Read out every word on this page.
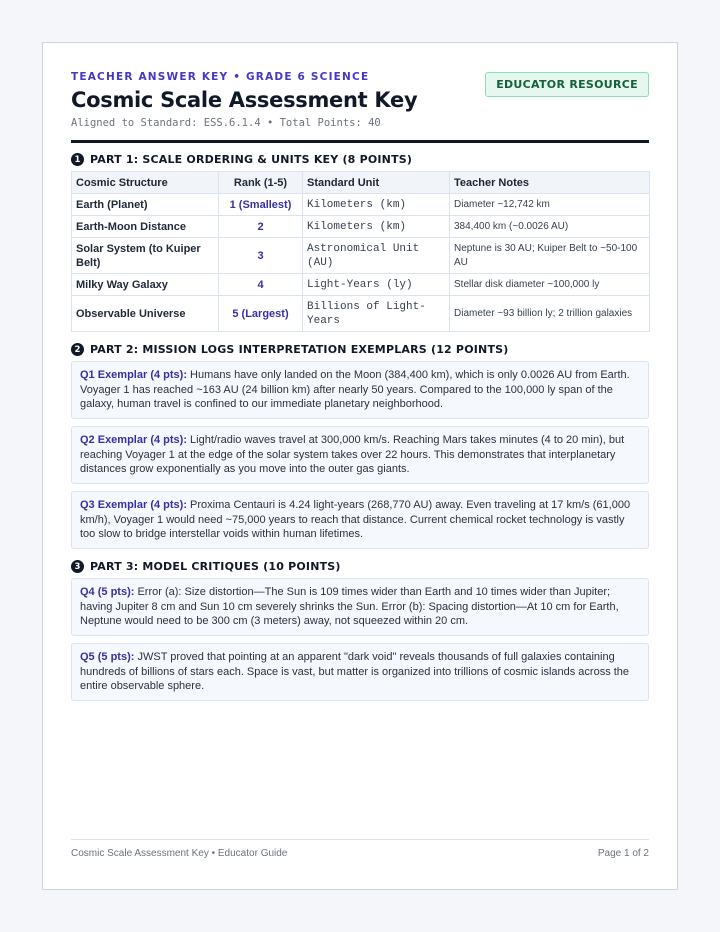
TEACHER ANSWER KEY • GRADE 6 SCIENCE
Cosmic Scale Assessment Key
Aligned to Standard: ESS.6.1.4 • Total Points: 40
EDUCATOR RESOURCE
1 PART 1: SCALE ORDERING & UNITS KEY (8 POINTS)
Cosmic Structure	Rank (1-5)	Standard Unit	Teacher Notes
Earth (Planet)	1 (Smallest)	Kilometers (km)	Diameter ~12,742 km
Earth-Moon Distance	2	Kilometers (km)	384,400 km (~0.0026 AU)
Solar System (to Kuiper Belt)	3	Astronomical Unit (AU)	Neptune is 30 AU; Kuiper Belt to ~50-100 AU
Milky Way Galaxy	4	Light-Years (ly)	Stellar disk diameter ~100,000 ly
Observable Universe	5 (Largest)	Billions of Light-Years	Diameter ~93 billion ly; 2 trillion galaxies
2 PART 2: MISSION LOGS INTERPRETATION EXEMPLARS (12 POINTS)
Q1 Exemplar (4 pts): Humans have only landed on the Moon (384,400 km), which is only 0.0026 AU from Earth. Voyager 1 has reached ~163 AU (24 billion km) after nearly 50 years. Compared to the 100,000 ly span of the galaxy, human travel is confined to our immediate planetary neighborhood.
Q2 Exemplar (4 pts): Light/radio waves travel at 300,000 km/s. Reaching Mars takes minutes (4 to 20 min), but reaching Voyager 1 at the edge of the solar system takes over 22 hours. This demonstrates that interplanetary distances grow exponentially as you move into the outer gas giants.
Q3 Exemplar (4 pts): Proxima Centauri is 4.24 light-years (268,770 AU) away. Even traveling at 17 km/s (61,000 km/h), Voyager 1 would need ~75,000 years to reach that distance. Current chemical rocket technology is vastly too slow to bridge interstellar voids within human lifetimes.
3 PART 3: MODEL CRITIQUES (10 POINTS)
Q4 (5 pts): Error (a): Size distortion—The Sun is 109 times wider than Earth and 10 times wider than Jupiter; having Jupiter 8 cm and Sun 10 cm severely shrinks the Sun. Error (b): Spacing distortion—At 10 cm for Earth, Neptune would need to be 300 cm (3 meters) away, not squeezed within 20 cm.
Q5 (5 pts): JWST proved that pointing at an apparent "dark void" reveals thousands of full galaxies containing hundreds of billions of stars each. Space is vast, but matter is organized into trillions of cosmic islands across the entire observable sphere.
Cosmic Scale Assessment Key • Educator Guide	Page 1 of 2
